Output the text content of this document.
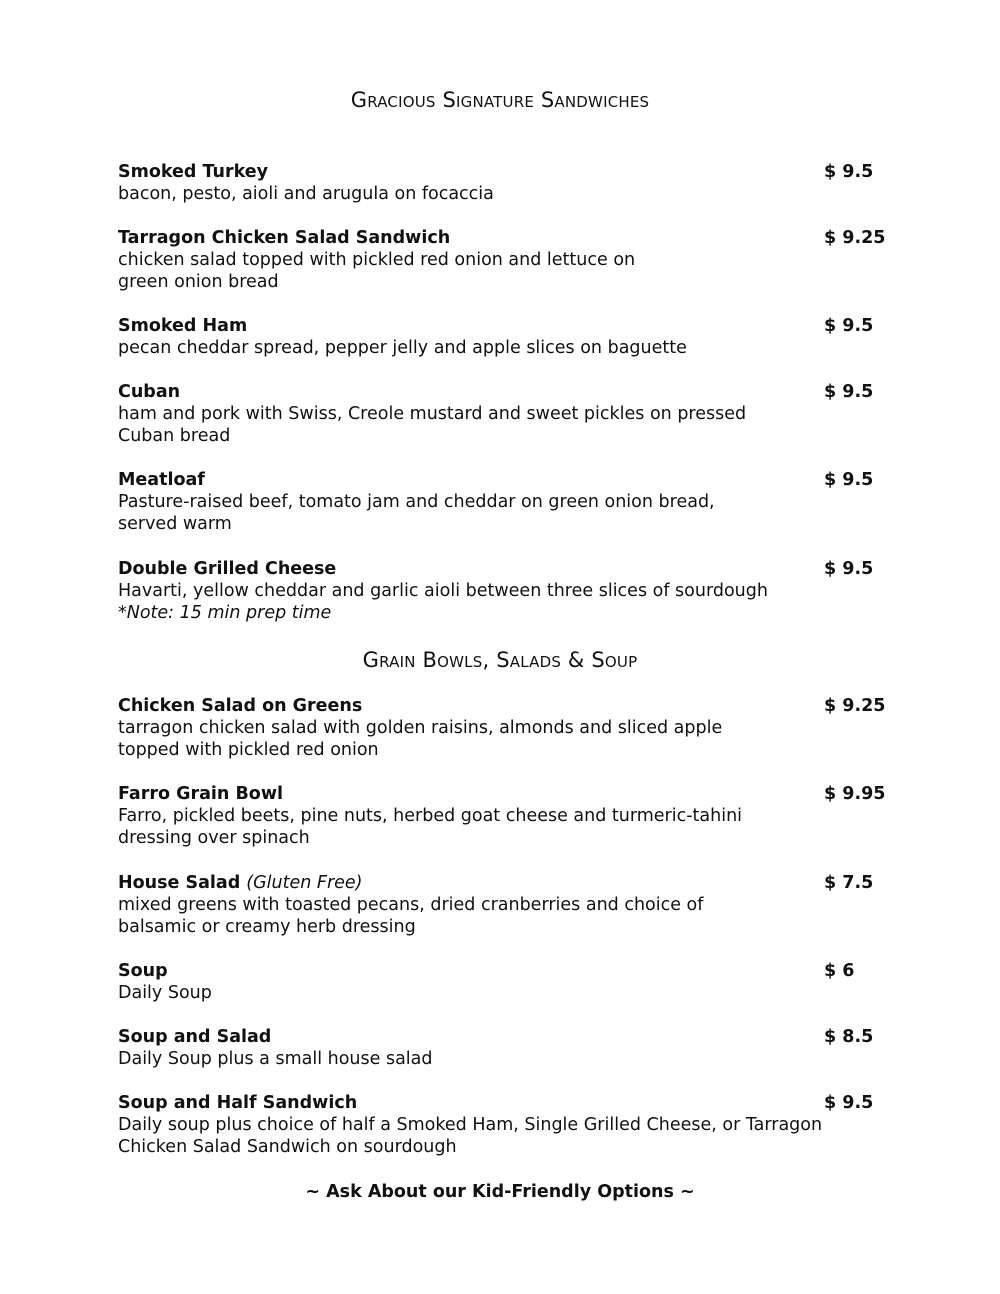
Gracious Signature Sandwiches
Smoked Turkey	$ 9.5
bacon, pesto, aioli and arugula on focaccia
Tarragon Chicken Salad Sandwich	$ 9.25
chicken salad topped with pickled red onion and lettuce on
green onion bread
Smoked Ham	$ 9.5
pecan cheddar spread, pepper jelly and apple slices on baguette
Cuban	$ 9.5
ham and pork with Swiss, Creole mustard and sweet pickles on pressed
Cuban bread
Meatloaf	$ 9.5
Pasture-raised beef, tomato jam and cheddar on green onion bread,
served warm
Double Grilled Cheese	$ 9.5
Havarti, yellow cheddar and garlic aioli between three slices of sourdough
*Note: 15 min prep time
Grain Bowls, Salads & Soup
Chicken Salad on Greens	$ 9.25
tarragon chicken salad with golden raisins, almonds and sliced apple
topped with pickled red onion
Farro Grain Bowl	$ 9.95
Farro, pickled beets, pine nuts, herbed goat cheese and turmeric-tahini
dressing over spinach
House Salad (Gluten Free)	$ 7.5
mixed greens with toasted pecans, dried cranberries and choice of
balsamic or creamy herb dressing
Soup	$ 6
Daily Soup
Soup and Salad	$ 8.5
Daily Soup plus a small house salad
Soup and Half Sandwich	$ 9.5
Daily soup plus choice of half a Smoked Ham, Single Grilled Cheese, or Tarragon
Chicken Salad Sandwich on sourdough
~ Ask About our Kid-Friendly Options ~
